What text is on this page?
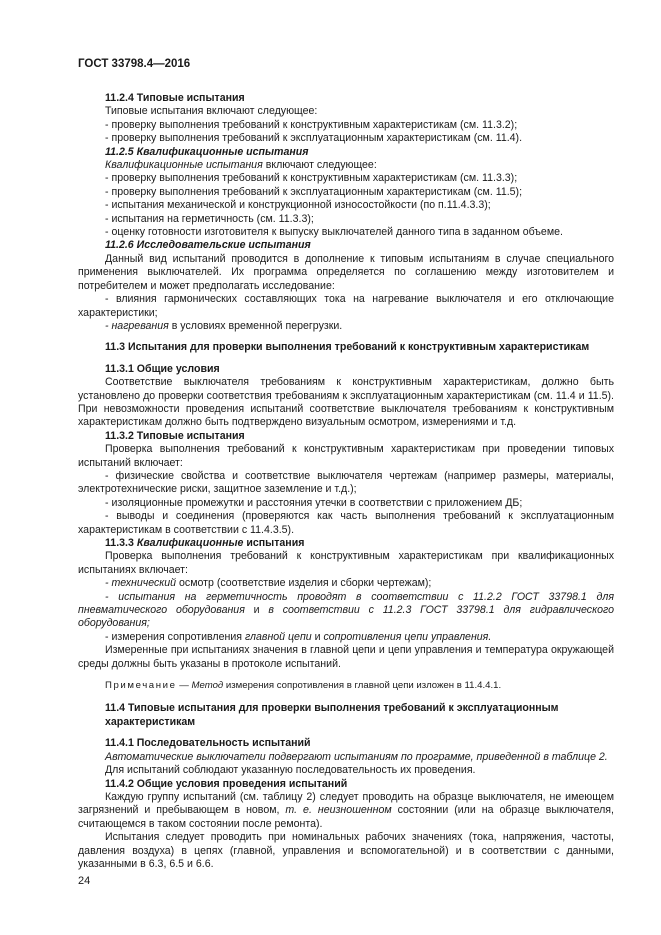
ГОСТ 33798.4—2016

11.2.4 Типовые испытания

Типовые испытания включают следующее:

- проверку выполнения требований к конструктивным характеристикам (см. 11.3.2);

- проверку выполнения требований к эксплуатационным характеристикам (см. 11.4).

11.2.5 Квалификационные испытания

Квалификационные испытания включают следующее:

- проверку выполнения требований к конструктивным характеристикам (см. 11.3.3);

- проверку выполнения требований к эксплуатационным характеристикам (см. 11.5);

- испытания механической и конструкционной износостойкости (по п.11.4.3.3);

- испытания на герметичность (см. 11.3.3);

- оценку готовности изготовителя к выпуску выключателей данного типа в заданном объеме.

11.2.6 Исследовательские испытания

Данный вид испытаний проводится в дополнение к типовым испытаниям в случае специального применения выключателей. Их программа определяется по соглашению между изготовителем и потребителем и может предполагать исследование:

- влияния гармонических составляющих тока на нагревание выключателя и его отключающие характеристики;

- нагревания в условиях временной перегрузки.

11.3 Испытания для проверки выполнения требований к конструктивным характеристикам

11.3.1 Общие условия

Соответствие выключателя требованиям к конструктивным характеристикам, должно быть установлено до проверки соответствия требованиям к эксплуатационным характеристикам (см. 11.4 и 11.5). При невозможности проведения испытаний соответствие выключателя требованиям к конструктивным характеристикам должно быть подтверждено визуальным осмотром, измерениями и т.д.

11.3.2 Типовые испытания

Проверка выполнения требований к конструктивным характеристикам при проведении типовых испытаний включает:

- физические свойства и соответствие выключателя чертежам (например размеры, материалы, электротехнические риски, защитное заземление и т.д.);

- изоляционные промежутки и расстояния утечки в соответствии с приложением ДБ;

- выводы и соединения (проверяются как часть выполнения требований к эксплуатационным характеристикам в соответствии с 11.4.3.5).

11.3.3 Квалификационные испытания

Проверка выполнения требований к конструктивным характеристикам при квалификационных испытаниях включает:

- технический осмотр (соответствие изделия и сборки чертежам);

- испытания на герметичность проводят в соответствии с 11.2.2 ГОСТ 33798.1 для пневматического оборудования и в соответствии с 11.2.3 ГОСТ 33798.1 для гидравлического оборудования;

- измерения сопротивления главной цепи и сопротивления цепи управления.

Измеренные при испытаниях значения в главной цепи и цепи управления и температура окружающей среды должны быть указаны в протоколе испытаний.

Примечание — Метод измерения сопротивления в главной цепи изложен в 11.4.4.1.

11.4 Типовые испытания для проверки выполнения требований к эксплуатационным характеристикам

11.4.1 Последовательность испытаний

Автоматические выключатели подвергают испытаниям по программе, приведенной в таблице 2.

Для испытаний соблюдают указанную последовательность их проведения.

11.4.2 Общие условия проведения испытаний

Каждую группу испытаний (см. таблицу 2) следует проводить на образце выключателя, не имеющем загрязнений и пребывающем в новом, т. е. неизношенном состоянии (или на образце выключателя, считающемся в таком состоянии после ремонта).

Испытания следует проводить при номинальных рабочих значениях (тока, напряжения, частоты, давления воздуха) в цепях (главной, управления и вспомогательной) и в соответствии с данными, указанными в 6.3, 6.5 и 6.6.

24
